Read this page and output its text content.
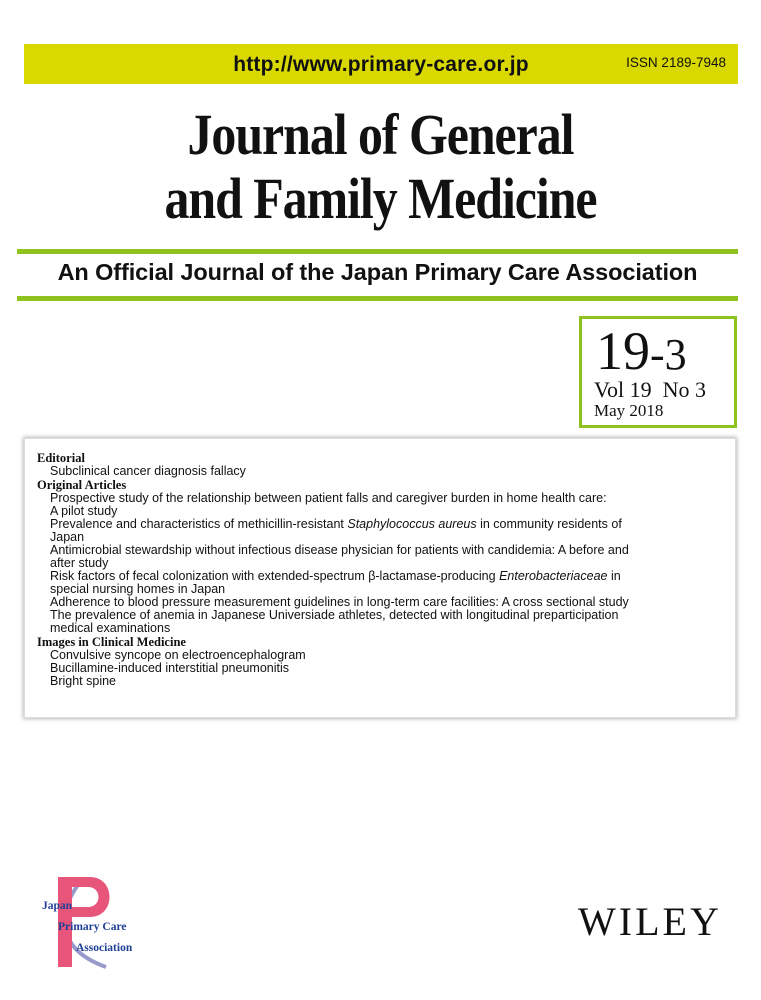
http://www.primary-care.or.jp	ISSN 2189-7948
Journal of General
and Family Medicine
An Official Journal of the Japan Primary Care Association
19-3
Vol 19  No 3
May 2018
Editorial
Subclinical cancer diagnosis fallacy
Original Articles
Prospective study of the relationship between patient falls and caregiver burden in home health care:
A pilot study
Prevalence and characteristics of methicillin-resistant Staphylococcus aureus in community residents of
Japan
Antimicrobial stewardship without infectious disease physician for patients with candidemia: A before and
after study
Risk factors of fecal colonization with extended-spectrum β-lactamase-producing Enterobacteriaceae in
special nursing homes in Japan
Adherence to blood pressure measurement guidelines in long-term care facilities: A cross sectional study
The prevalence of anemia in Japanese Universiade athletes, detected with longitudinal preparticipation
medical examinations
Images in Clinical Medicine
Convulsive syncope on electroencephalogram
Bucillamine-induced interstitial pneumonitis
Bright spine
Japan
Primary Care
Association
WILEY
